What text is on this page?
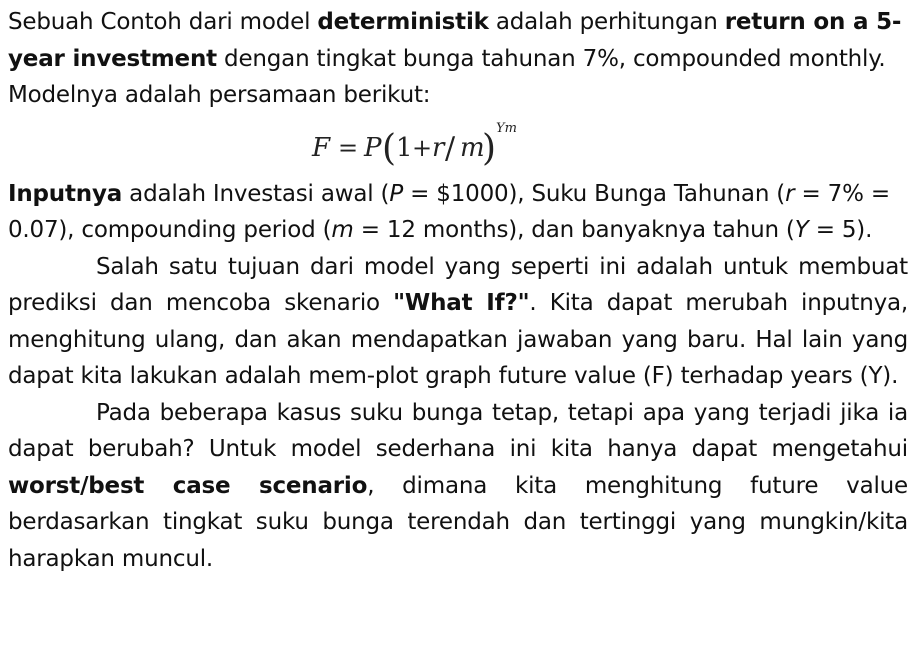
Sebuah Contoh dari model deterministik adalah perhitungan return on a 5-year investment dengan tingkat bunga tahunan 7%, compounded monthly. Modelnya adalah persamaan berikut:

F = P ( 1 + r / m
) Ym

Inputnya adalah Investasi awal (P = $1000), Suku Bunga Tahunan (r = 7% = 0.07), compounding period (m = 12 months), dan banyaknya tahun (Y = 5).

Salah satu tujuan dari model yang seperti ini adalah untuk membuat prediksi dan mencoba skenario "What If?". Kita dapat merubah inputnya, menghitung ulang, dan akan mendapatkan jawaban yang baru. Hal lain yang dapat kita lakukan adalah mem-plot graph future value (F) terhadap years (Y).

Pada beberapa kasus suku bunga tetap, tetapi apa yang terjadi jika ia dapat berubah? Untuk model sederhana ini kita hanya dapat mengetahui worst/best case scenario, dimana kita menghitung future value berdasarkan tingkat suku bunga terendah dan tertinggi yang mungkin/kita harapkan muncul.
